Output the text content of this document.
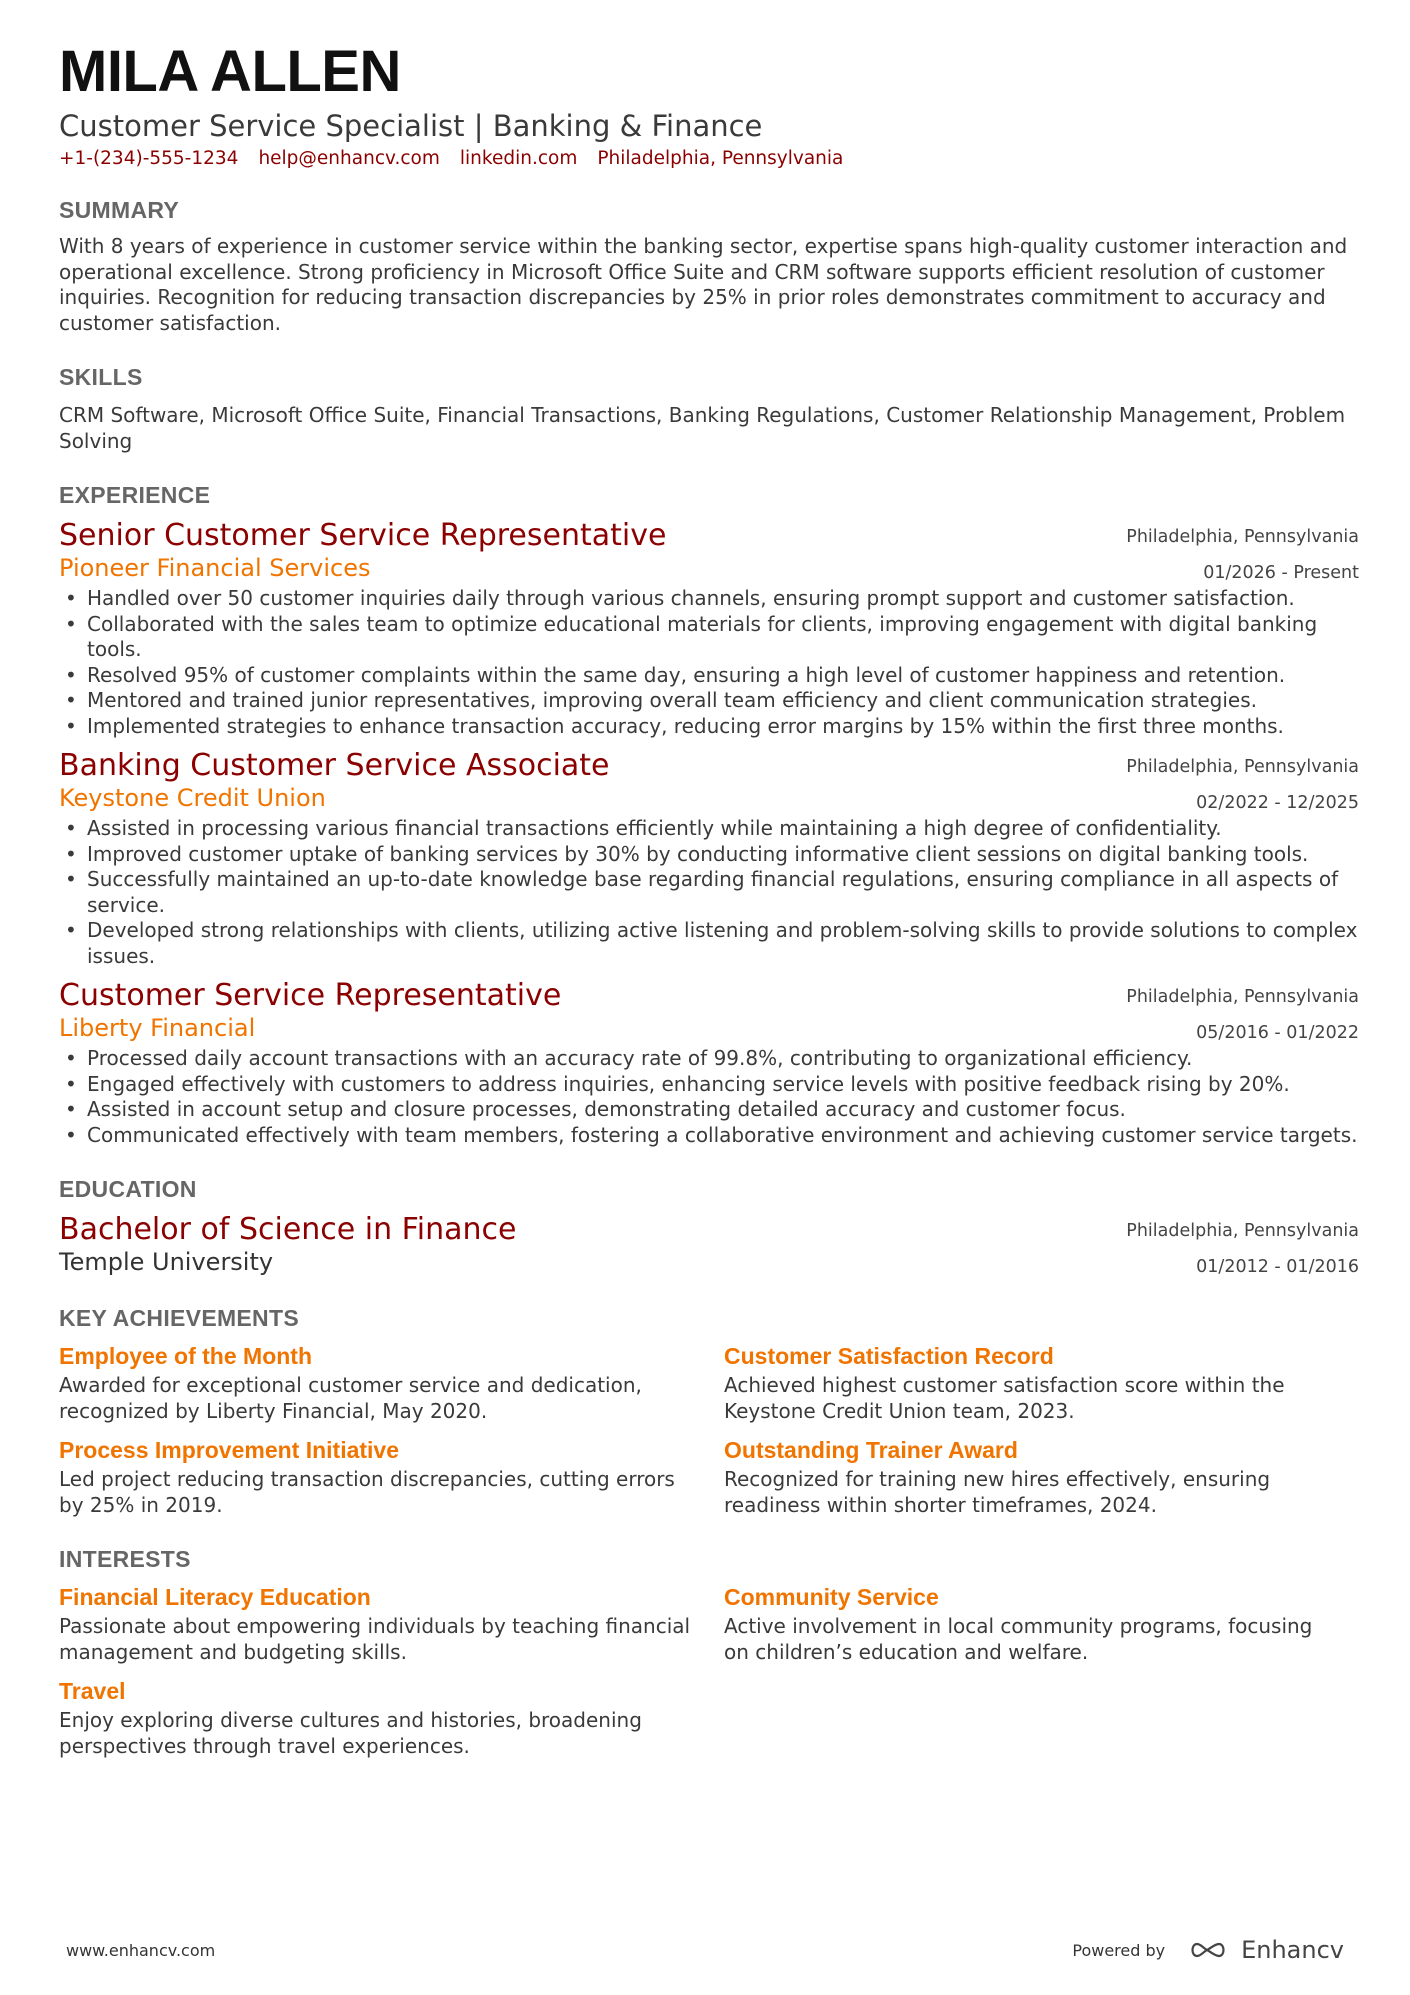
MILA ALLEN
Customer Service Specialist | Banking & Finance
+1-(234)-555-1234 help@enhancv.com linkedin.com Philadelphia, Pennsylvania
SUMMARY
With 8 years of experience in customer service within the banking sector, expertise spans high-quality customer interaction and operational excellence. Strong proficiency in Microsoft Office Suite and CRM software supports efficient resolution of customer inquiries. Recognition for reducing transaction discrepancies by 25% in prior roles demonstrates commitment to accuracy and customer satisfaction.
SKILLS
CRM Software, Microsoft Office Suite, Financial Transactions, Banking Regulations, Customer Relationship Management, Problem Solving
EXPERIENCE
Senior Customer Service Representative
Pioneer Financial Services
Philadelphia, Pennsylvania
01/2026 - Present
• Handled over 50 customer inquiries daily through various channels, ensuring prompt support and customer satisfaction.
• Collaborated with the sales team to optimize educational materials for clients, improving engagement with digital banking tools.
• Resolved 95% of customer complaints within the same day, ensuring a high level of customer happiness and retention.
• Mentored and trained junior representatives, improving overall team efficiency and client communication strategies.
• Implemented strategies to enhance transaction accuracy, reducing error margins by 15% within the first three months.
Banking Customer Service Associate
Keystone Credit Union
Philadelphia, Pennsylvania
02/2022 - 12/2025
• Assisted in processing various financial transactions efficiently while maintaining a high degree of confidentiality.
• Improved customer uptake of banking services by 30% by conducting informative client sessions on digital banking tools.
• Successfully maintained an up-to-date knowledge base regarding financial regulations, ensuring compliance in all aspects of service.
• Developed strong relationships with clients, utilizing active listening and problem-solving skills to provide solutions to complex issues.
Customer Service Representative
Liberty Financial
Philadelphia, Pennsylvania
05/2016 - 01/2022
• Processed daily account transactions with an accuracy rate of 99.8%, contributing to organizational efficiency.
• Engaged effectively with customers to address inquiries, enhancing service levels with positive feedback rising by 20%.
• Assisted in account setup and closure processes, demonstrating detailed accuracy and customer focus.
• Communicated effectively with team members, fostering a collaborative environment and achieving customer service targets.
EDUCATION
Bachelor of Science in Finance
Temple University
Philadelphia, Pennsylvania
01/2012 - 01/2016
KEY ACHIEVEMENTS
Employee of the Month
Awarded for exceptional customer service and dedication, recognized by Liberty Financial, May 2020.
Customer Satisfaction Record
Achieved highest customer satisfaction score within the Keystone Credit Union team, 2023.
Process Improvement Initiative
Led project reducing transaction discrepancies, cutting errors by 25% in 2019.
Outstanding Trainer Award
Recognized for training new hires effectively, ensuring readiness within shorter timeframes, 2024.
INTERESTS
Financial Literacy Education
Passionate about empowering individuals by teaching financial management and budgeting skills.
Community Service
Active involvement in local community programs, focusing on children’s education and welfare.
Travel
Enjoy exploring diverse cultures and histories, broadening perspectives through travel experiences.
www.enhancv.com	Powered by	Enhancv
